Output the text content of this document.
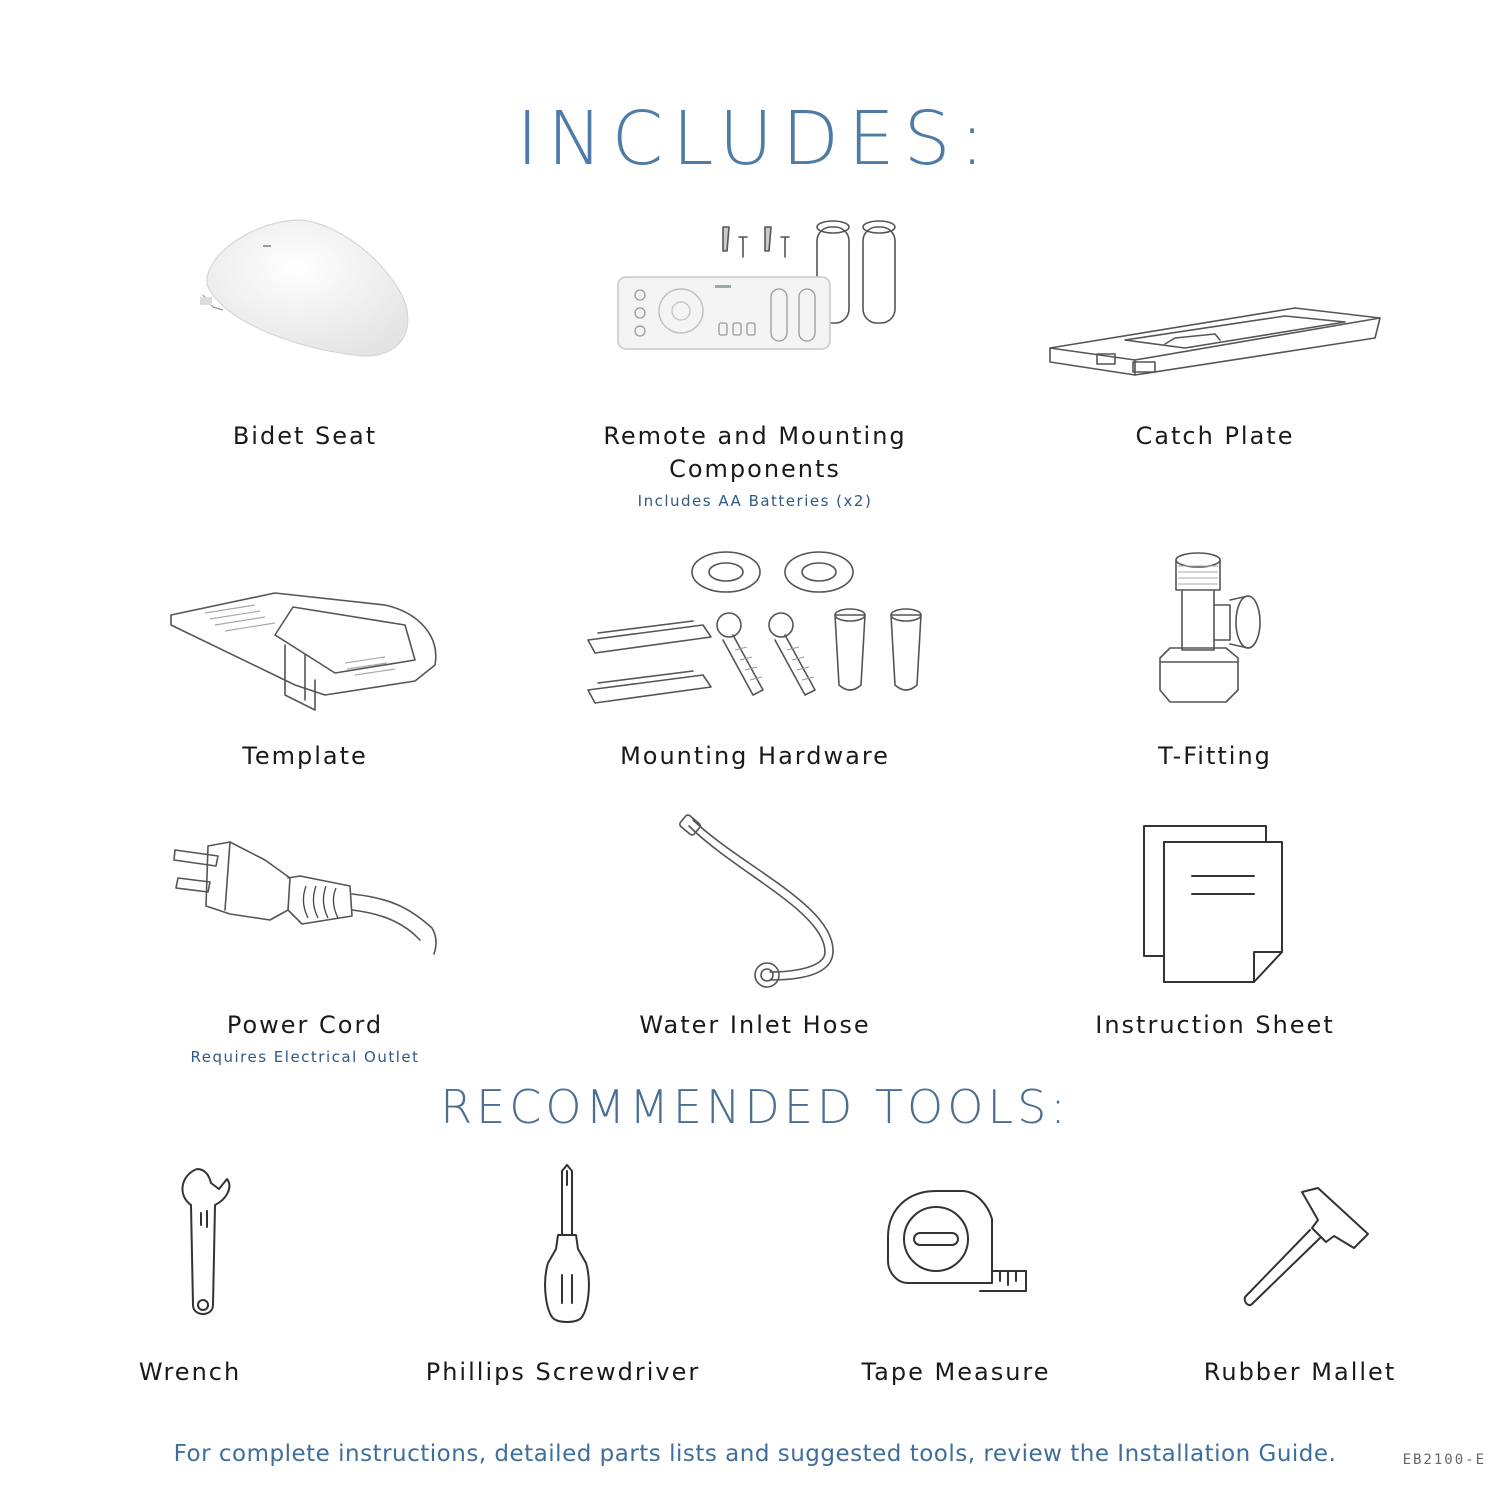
INCLUDES:
Bidet Seat	Remote and Mounting Components
Includes AA Batteries (x2)
Catch Plate
Template	Mounting Hardware	T-Fitting
Power Cord
Requires Electrical Outlet
Water Inlet Hose	Instruction Sheet
RECOMMENDED TOOLS:
Wrench	Phillips Screwdriver	Tape Measure	Rubber Mallet
For complete instructions, detailed parts lists and suggested tools, review the Installation Guide.	EB2100-E
